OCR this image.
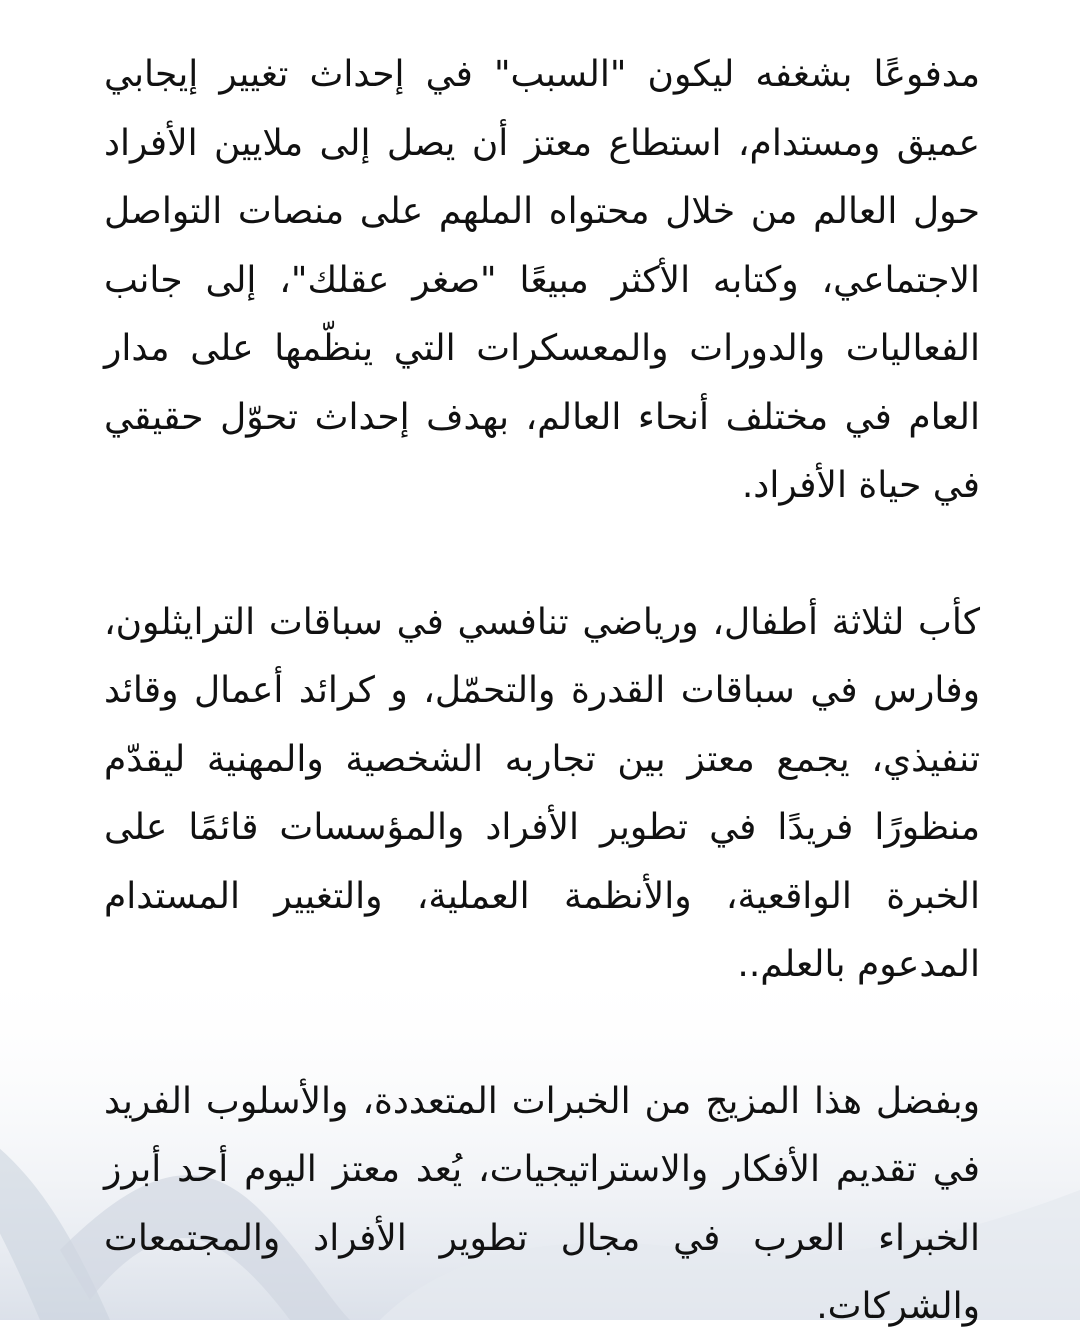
مدفوعًا بشغفه ليكون "السبب" في إحداث تغيير إيجابي عميق ومستدام، استطاع معتز أن يصل إلى ملايين الأفراد حول العالم من خلال محتواه الملهم على منصات التواصل الاجتماعي، وكتابه الأكثر مبيعًا "صغر عقلك"، إلى جانب الفعاليات والدورات والمعسكرات التي ينظّمها على مدار العام في مختلف أنحاء العالم، بهدف إحداث تحوّل حقيقي في حياة الأفراد.

كأب لثلاثة أطفال، ورياضي تنافسي في سباقات الترايثلون، وفارس في سباقات القدرة والتحمّل، و كرائد أعمال وقائد تنفيذي، يجمع معتز بين تجاربه الشخصية والمهنية ليقدّم منظورًا فريدًا في تطوير الأفراد والمؤسسات قائمًا على الخبرة الواقعية، والأنظمة العملية، والتغيير المستدام المدعوم بالعلم..

وبفضل هذا المزيج من الخبرات المتعددة، والأسلوب الفريد في تقديم الأفكار والاستراتيجيات، يُعد معتز اليوم أحد أبرز الخبراء العرب في مجال تطوير الأفراد والمجتمعات والشركات.
